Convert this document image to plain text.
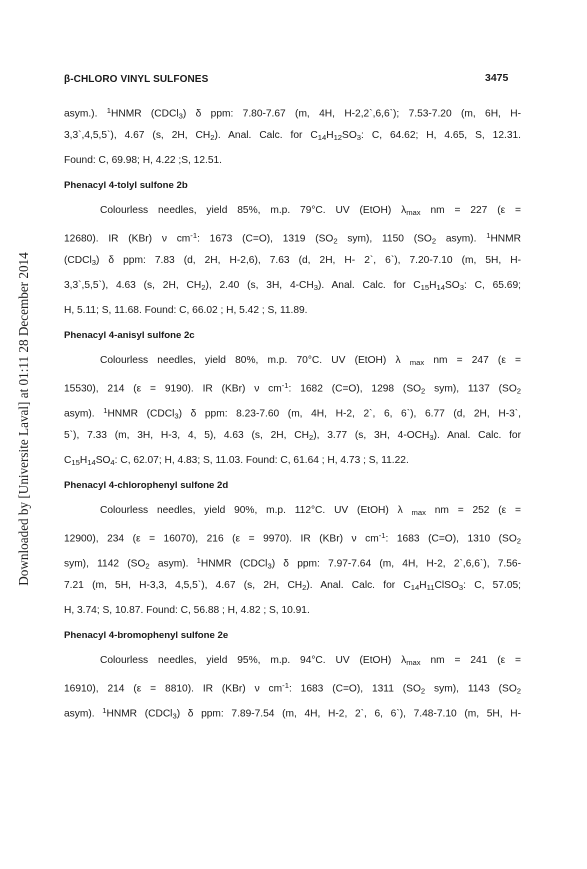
Downloaded by [Universite Laval] at 01:11 28 December 2014
β-CHLORO VINYL SULFONES	3475
asym.). $^1$HNMR (CDCl$_3$) δ ppm: 7.80-7.67 (m, 4H, H-2,2`,6,6`); 7.53-7.20 (m, 6H, H-
3,3`,4,5,5`), 4.67 (s, 2H, $CH_2$). Anal. Calc. for $C_{14}H_{12}SO_3$: C, 64.62; H, 4.65, S, 12.31.
Found: C, 69.98; H, 4.22 ;S, 12.51.
Phenacyl 4-tolyl sulfone 2b
Colourless needles, yield 85%, m.p. 79°C. UV (EtOH) $\lambda_{max}$ nm = 227 (ε =
12680). IR (KBr) ν $cm^{-1}$: 1673 (C=O), 1319 ($SO_2$ sym), 1150 ($SO_2$ asym). $^1$HNMR
(CDCl$_3$) δ ppm: 7.83 (d, 2H, H-2,6), 7.63 (d, 2H, H- 2`, 6`), 7.20-7.10 (m, 5H, H-
3,3`,5,5`), 4.63 (s, 2H, $CH_2$), 2.40 (s, 3H, $4-CH_3$). Anal. Calc. for $C_{15}H_{14}SO_3$: C, 65.69;
H, 5.11; S, 11.68. Found: C, 66.02 ; H, 5.42 ; S, 11.89.
Phenacyl 4-anisyl sulfone 2c
Colourless needles, yield 80%, m.p. 70°C. UV (EtOH) λ $_{max}$ nm = 247 (ε =
15530), 214 (ε = 9190). IR (KBr) ν $cm^{-1}$: 1682 (C=O), 1298 ($SO_2$ sym), 1137 ($SO_2$
asym). $^1$HNMR (CDCl$_3$) δ ppm: 8.23-7.60 (m, 4H, H-2, 2`, 6, 6`), 6.77 (d, 2H, H-3`,
5`), 7.33 (m, 3H, H-3, 4, 5), 4.63 (s, 2H, $CH_2$), 3.77 (s, 3H, $4-OCH_3$). Anal. Calc. for
$C_{15}H_{14}SO_4$: C, 62.07; H, 4.83; S, 11.03. Found: C, 61.64 ; H, 4.73 ; S, 11.22.
Phenacyl 4-chlorophenyl sulfone 2d
Colourless needles, yield 90%, m.p. 112°C. UV (EtOH) λ $_{max}$ nm = 252 (ε =
12900), 234 (ε = 16070), 216 (ε = 9970). IR (KBr) ν $cm^{-1}$: 1683 (C=O), 1310 ($SO_2$
sym), 1142 ($SO_2$ asym). $^1$HNMR (CDCl$_3$) δ ppm: 7.97-7.64 (m, 4H, H-2, 2`,6,6`), 7.56-
7.21 (m, 5H, H-3,3, 4,5,5`), 4.67 (s, 2H, $CH_2$). Anal. Calc. for $C_{14}H_{11}ClSO_3$: C, 57.05;
H, 3.74; S, 10.87. Found: C, 56.88 ; H, 4.82 ; S, 10.91.
Phenacyl 4-bromophenyl sulfone 2e
Colourless needles, yield 95%, m.p. 94°C. UV (EtOH) $\lambda_{max}$ nm = 241 (ε =
16910), 214 (ε = 8810). IR (KBr) ν $cm^{-1}$: 1683 (C=O), 1311 ($SO_2$ sym), 1143 ($SO_2$
asym). $^1$HNMR (CDCl$_3$) δ ppm: 7.89-7.54 (m, 4H, H-2, 2`, 6, 6`), 7.48-7.10 (m, 5H, H-
